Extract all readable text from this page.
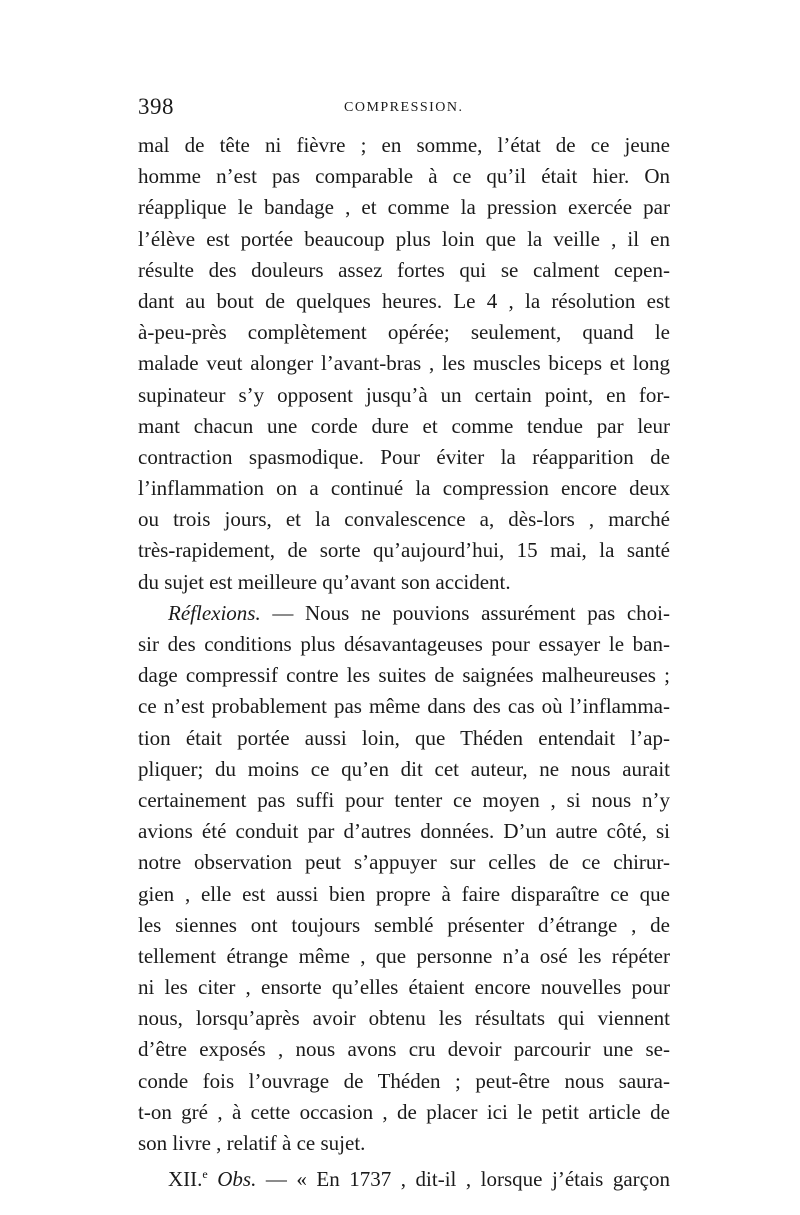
398	COMPRESSION.
mal de tête ni fièvre ; en somme, l’état de ce jeune
homme n’est pas comparable à ce qu’il était hier. On
réapplique le bandage , et comme la pression exercée par
l’élève est portée beaucoup plus loin que la veille , il en
résulte des douleurs assez fortes qui se calment cepen-
dant au bout de quelques heures. Le 4 , la résolution est
à-peu-près complètement opérée; seulement, quand le
malade veut alonger l’avant-bras , les muscles biceps et long
supinateur s’y opposent jusqu’à un certain point, en for-
mant chacun une corde dure et comme tendue par leur
contraction spasmodique. Pour éviter la réapparition de
l’inflammation on a continué la compression encore deux
ou trois jours, et la convalescence a, dès-lors , marché
très-rapidement, de sorte qu’aujourd’hui, 15 mai, la santé
du sujet est meilleure qu’avant son accident.
Réflexions. — Nous ne pouvions assurément pas choi-
sir des conditions plus désavantageuses pour essayer le ban-
dage compressif contre les suites de saignées malheureuses ;
ce n’est probablement pas même dans des cas où l’inflamma-
tion était portée aussi loin, que Théden entendait l’ap-
pliquer; du moins ce qu’en dit cet auteur, ne nous aurait
certainement pas suffi pour tenter ce moyen , si nous n’y
avions été conduit par d’autres données. D’un autre côté, si
notre observation peut s’appuyer sur celles de ce chirur-
gien , elle est aussi bien propre à faire disparaître ce que
les siennes ont toujours semblé présenter d’étrange , de
tellement étrange même , que personne n’a osé les répéter
ni les citer , ensorte qu’elles étaient encore nouvelles pour
nous, lorsqu’après avoir obtenu les résultats qui viennent
d’être exposés , nous avons cru devoir parcourir une se-
conde fois l’ouvrage de Théden ; peut-être nous saura-
t-on gré , à cette occasion , de placer ici le petit article de
son livre , relatif à ce sujet.
XII.$^e$ Obs. — « En 1737 , dit-il , lorsque j’étais garçon
